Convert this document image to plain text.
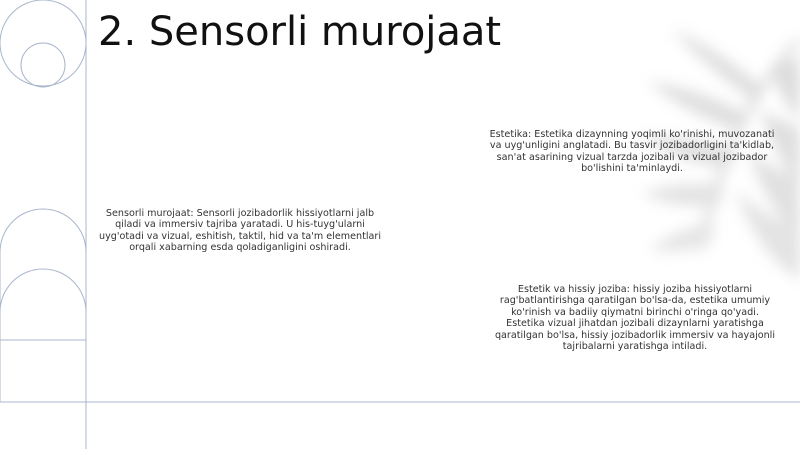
2. Sensorli murojaat

Sensorli murojaat: Sensorli jozibadorlik hissiyotlarni jalb qiladi va immersiv tajriba yaratadi. U his-tuyg'ularni uyg'otadi va vizual, eshitish, taktil, hid va ta'm elementlari orqali xabarning esda qoladiganligini oshiradi.

Estetika: Estetika dizaynning yoqimli ko'rinishi, muvozanati va uyg'unligini anglatadi. Bu tasvir jozibadorligini ta'kidlab, san'at asarining vizual tarzda jozibali va vizual jozibador bo'lishini ta'minlaydi.

Estetik va hissiy joziba: hissiy joziba hissiyotlarni rag'batlantirishga qaratilgan bo'lsa-da, estetika umumiy ko'rinish va badiiy qiymatni birinchi o'ringa qo'yadi. Estetika vizual jihatdan jozibali dizaynlarni yaratishga qaratilgan bo'lsa, hissiy jozibadorlik immersiv va hayajonli tajribalarni yaratishga intiladi.
